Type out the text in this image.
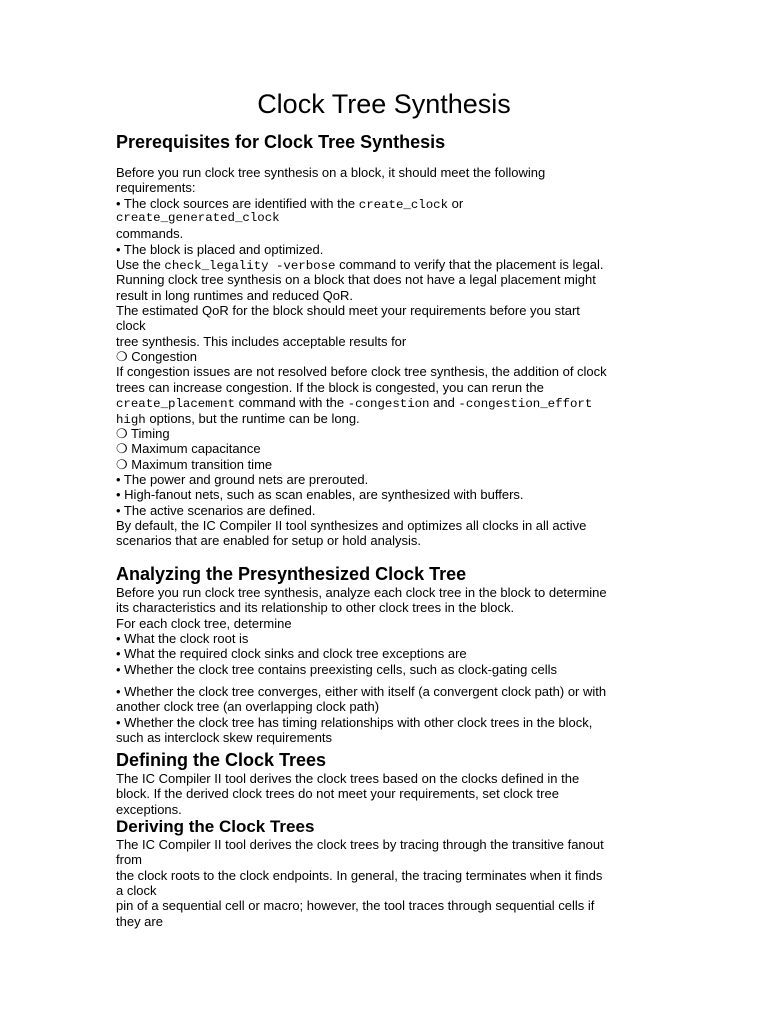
Clock Tree Synthesis
Prerequisites for Clock Tree Synthesis
Before you run clock tree synthesis on a block, it should meet the following
requirements:
• The clock sources are identified with the create_clock or
create_generated_clock
commands.
• The block is placed and optimized.
Use the check_legality -verbose command to verify that the placement is legal.
Running clock tree synthesis on a block that does not have a legal placement might
result in long runtimes and reduced QoR.
The estimated QoR for the block should meet your requirements before you start
clock
tree synthesis. This includes acceptable results for
❍ Congestion
If congestion issues are not resolved before clock tree synthesis, the addition of clock
trees can increase congestion. If the block is congested, you can rerun the
create_placement command with the -congestion and -congestion_effort
high options, but the runtime can be long.
❍ Timing
❍ Maximum capacitance
❍ Maximum transition time
• The power and ground nets are prerouted.
• High-fanout nets, such as scan enables, are synthesized with buffers.
• The active scenarios are defined.
By default, the IC Compiler II tool synthesizes and optimizes all clocks in all active
scenarios that are enabled for setup or hold analysis.
Analyzing the Presynthesized Clock Tree
Before you run clock tree synthesis, analyze each clock tree in the block to determine
its characteristics and its relationship to other clock trees in the block.
For each clock tree, determine
• What the clock root is
• What the required clock sinks and clock tree exceptions are
• Whether the clock tree contains preexisting cells, such as clock-gating cells
• Whether the clock tree converges, either with itself (a convergent clock path) or with
another clock tree (an overlapping clock path)
• Whether the clock tree has timing relationships with other clock trees in the block,
such as interclock skew requirements
Defining the Clock Trees
The IC Compiler II tool derives the clock trees based on the clocks defined in the
block. If the derived clock trees do not meet your requirements, set clock tree
exceptions.
Deriving the Clock Trees
The IC Compiler II tool derives the clock trees by tracing through the transitive fanout
from
the clock roots to the clock endpoints. In general, the tracing terminates when it finds
a clock
pin of a sequential cell or macro; however, the tool traces through sequential cells if
they are
